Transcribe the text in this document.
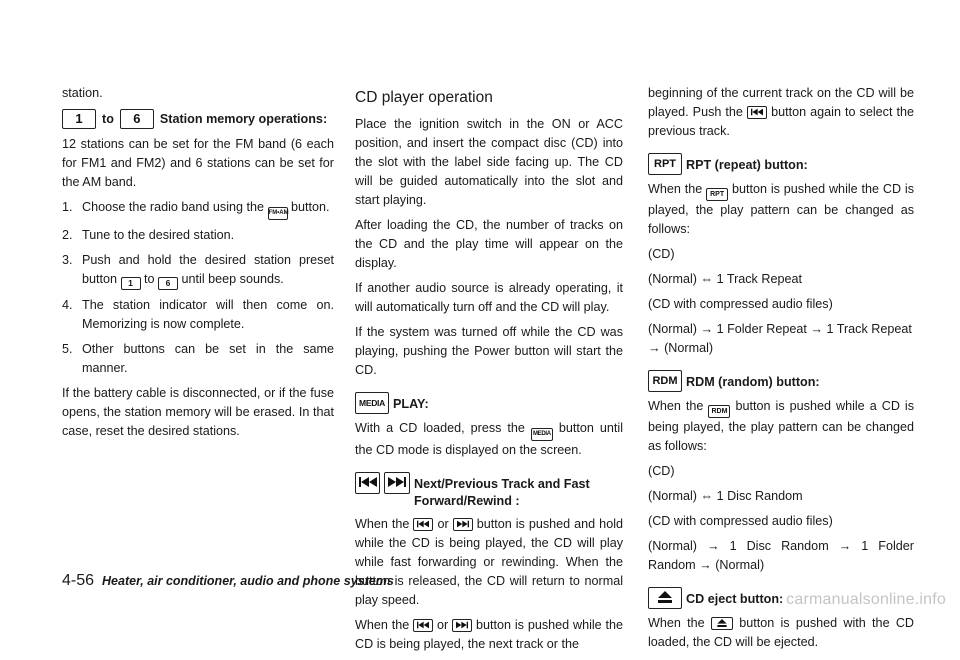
station.

1	to	6	Station memory operations:

12 stations can be set for the FM band (6 each for FM1 and FM2) and 6 stations can be set for the AM band.

1. Choose the radio band using the FM•AM button.
2. Tune to the desired station.
3. Push and hold the desired station preset button 1 to 6 until beep sounds.
4. The station indicator will then come on. Memorizing is now complete.
5. Other buttons can be set in the same manner.

If the battery cable is disconnected, or if the fuse opens, the station memory will be erased. In that case, reset the desired stations.

CD player operation

Place the ignition switch in the ON or ACC position, and insert the compact disc (CD) into the slot with the label side facing up. The CD will be guided automatically into the slot and start playing.

After loading the CD, the number of tracks on the CD and the play time will appear on the display.

If another audio source is already operating, it will automatically turn off and the CD will play.

If the system was turned off while the CD was playing, pushing the Power button will start the CD.

MEDIA PLAY:

With a CD loaded, press the MEDIA button until the CD mode is displayed on the screen.

Next/Previous Track and Fast Forward/Rewind :

When the or button is pushed and hold while the CD is being played, the CD will play while fast forwarding or rewinding. When the button is released, the CD will return to normal play speed.

When the or button is pushed while the CD is being played, the next track or the

beginning of the current track on the CD will be played. Push the button again to select the previous track.

RPT RPT (repeat) button:

When the RPT button is pushed while the CD is played, the play pattern can be changed as follows:

(CD)

(Normal) ⇔ 1 Track Repeat

(CD with compressed audio files)

(Normal) → 1 Folder Repeat → 1 Track Repeat → (Normal)

RDM RDM (random) button:

When the RDM button is pushed while a CD is being played, the play pattern can be changed as follows:

(CD)

(Normal) ⇔ 1 Disc Random

(CD with compressed audio files)

(Normal) → 1 Disc Random → 1 Folder Random → (Normal)

CD eject button:

When the	button is pushed with the CD loaded, the CD will be ejected.

4-56 Heater, air conditioner, audio and phone systems
carmanualsonline.info
